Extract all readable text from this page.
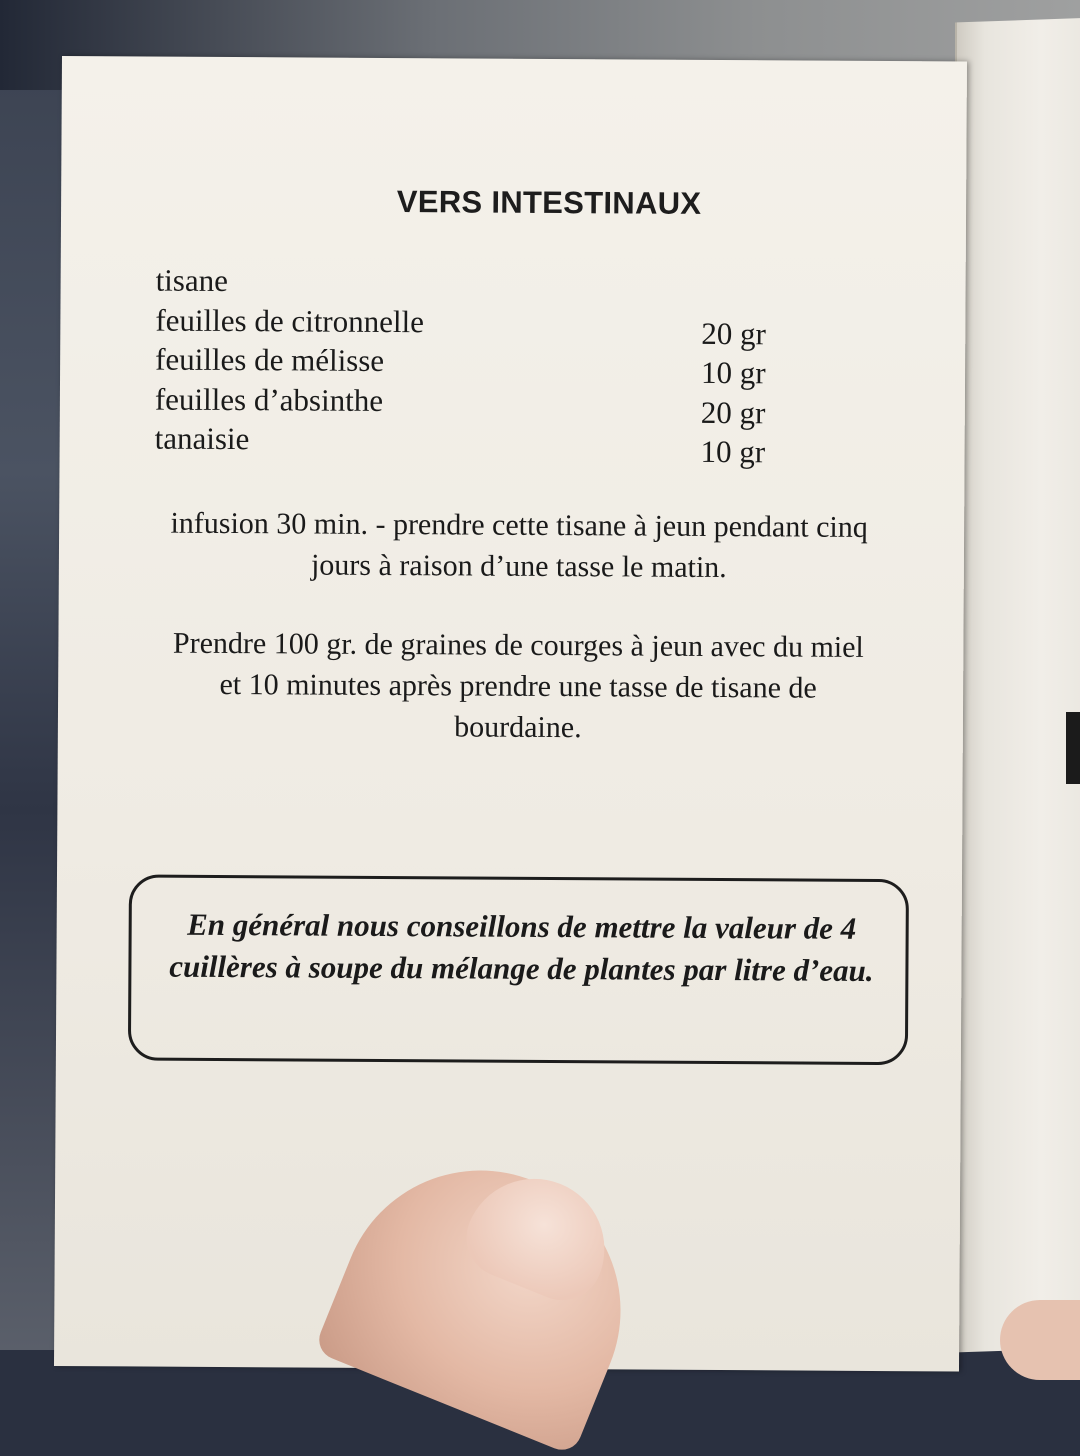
VERS INTESTINAUX
tisane
feuilles de citronnelle	20 gr
feuilles de mélisse	10 gr
feuilles d’absinthe	20 gr
tanaisie	10 gr
infusion 30 min. - prendre cette tisane à jeun pendant cinq jours à raison d’une tasse le matin.
Prendre 100 gr. de graines de courges à jeun avec du miel et 10 minutes après prendre une tasse de tisane de bourdaine.
En général nous conseillons de mettre la valeur de 4 cuillères à soupe du mélange de plantes par litre d’eau.
